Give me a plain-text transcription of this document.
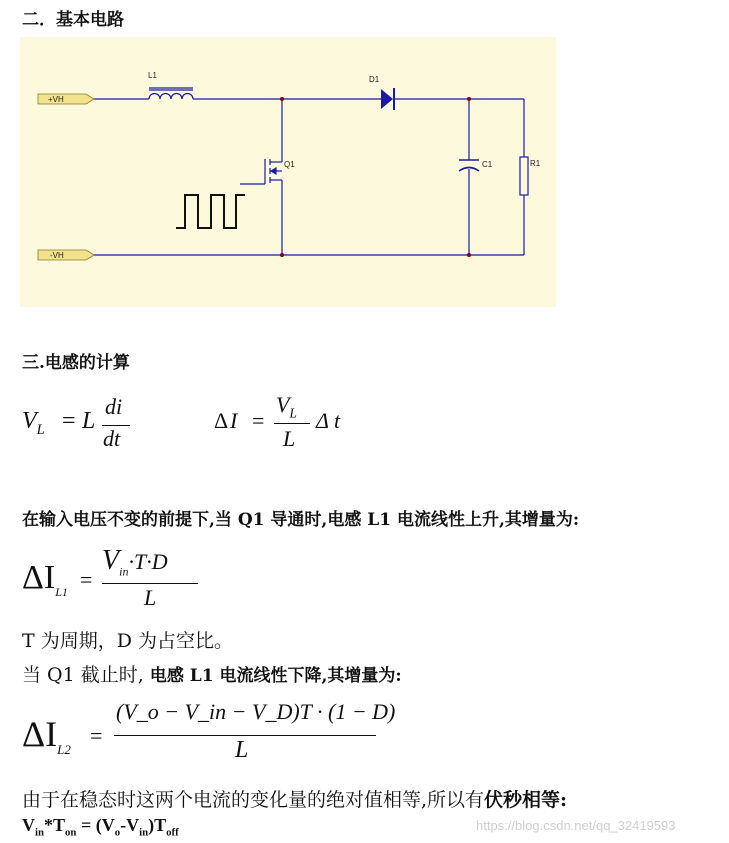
二．基本电路
L1	D1
Q1	C1	R1
+VH
-VH
三.电感的计算
$V_L = L$
di
dt
Δ I =
$V_L$
L
Δ t
在输入电压不变的前提下,当 Q1 导通时,电感 L1 电流线性上升,其增量为:
$\Delta I_{L1}$ =
$V_{in}\cdot T\cdot D$
L
T 为周期，D 为占空比。
当 Q1 截止时, 电感 L1 电流线性下降,其增量为:
$\Delta I_{L2}$
=
(V_o − V_in − V_D)T · (1 − D)
L
由于在稳态时这两个电流的变化量的绝对值相等,所以有伏秒相等:
$V_{in}*T_{on} = (V_o-V_{in})T_{off}$	https://blog.csdn.net/qq_32419593
